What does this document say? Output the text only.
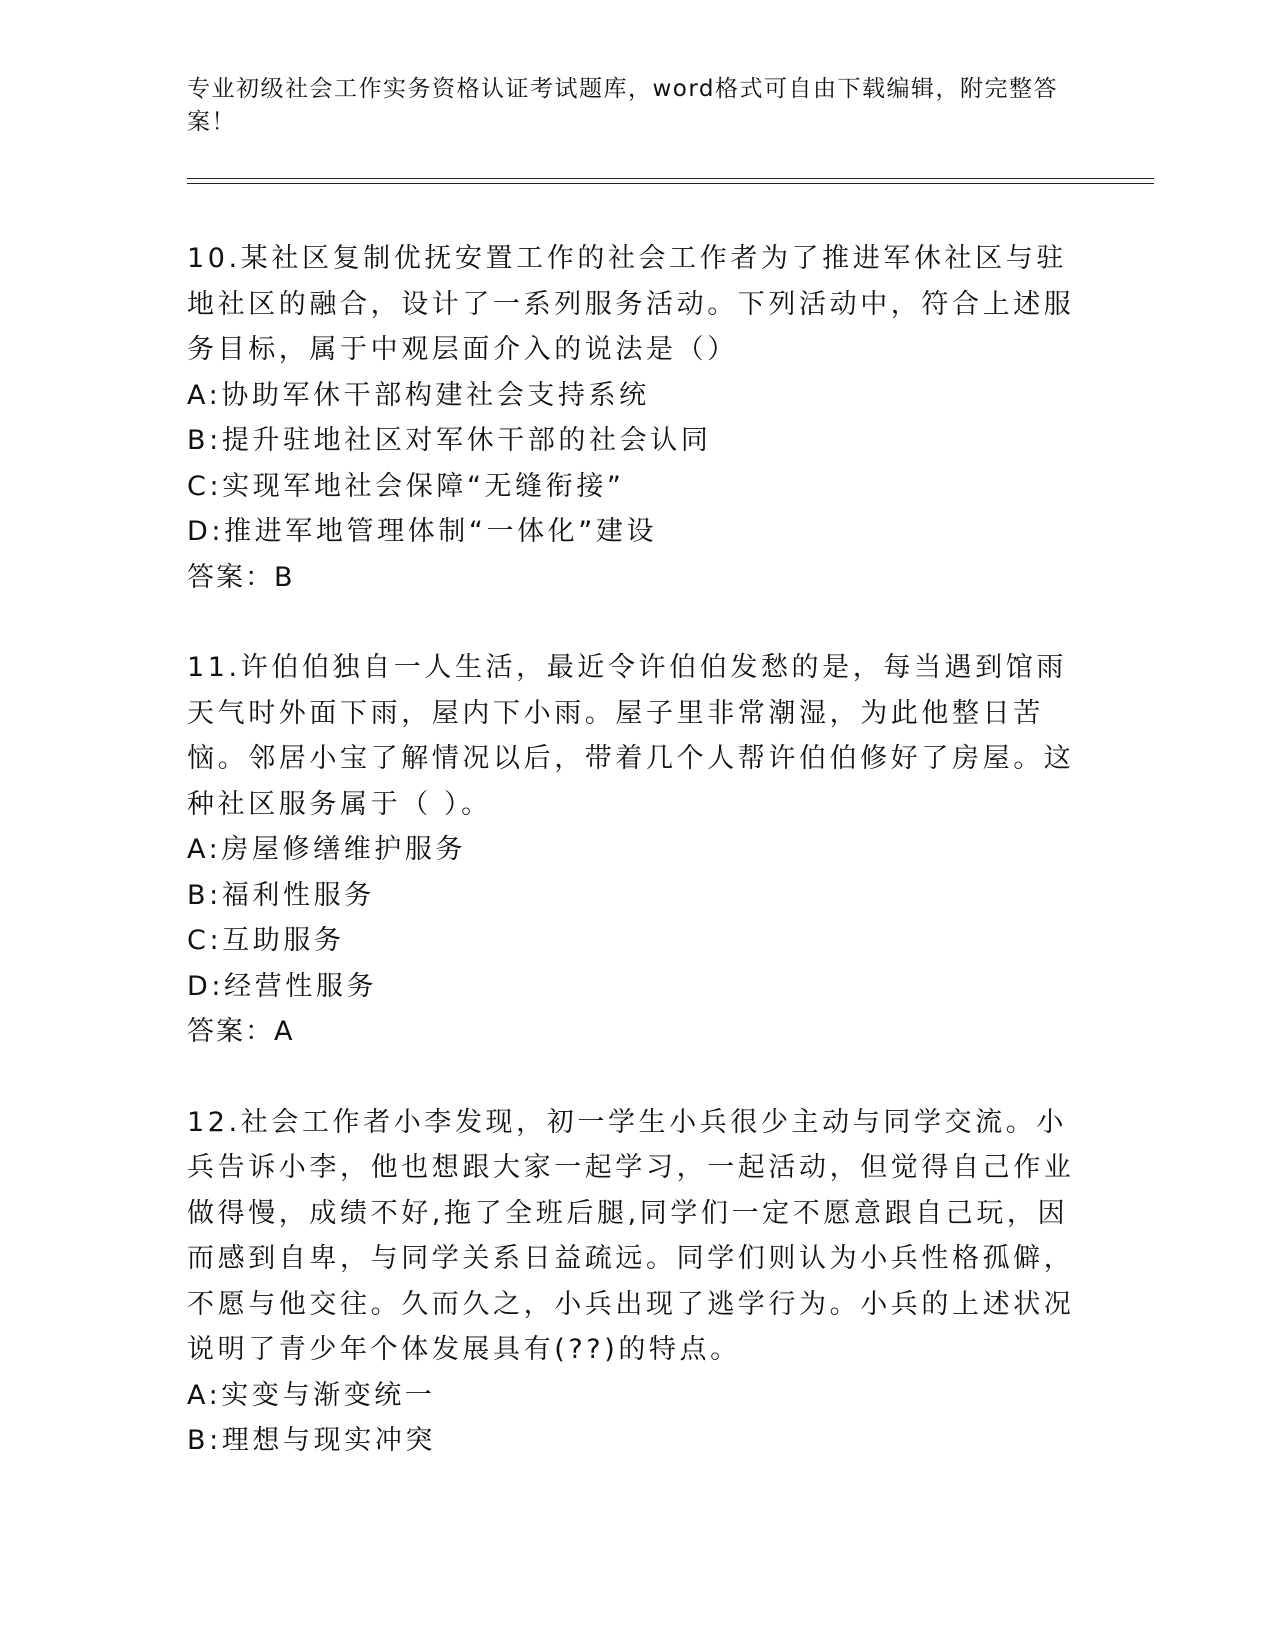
专业初级社会工作实务资格认证考试题库，word格式可自由下载编辑，附完整答案！

10.某社区复制优抚安置工作的社会工作者为了推进军休社区与驻地社区的融合，设计了一系列服务活动。下列活动中，符合上述服务目标，属于中观层面介入的说法是（）

A:协助军休干部构建社会支持系统

B:提升驻地社区对军休干部的社会认同

C:实现军地社会保障“无缝衔接”

D:推进军地管理体制“一体化”建设

答案：B

11.许伯伯独自一人生活，最近令许伯伯发愁的是，每当遇到馆雨天气时外面下雨，屋内下小雨。屋子里非常潮湿，为此他整日苦恼。邻居小宝了解情况以后，带着几个人帮许伯伯修好了房屋。这种社区服务属于（ ）。

A:房屋修缮维护服务

B:福利性服务

C:互助服务

D:经营性服务

答案：A

12.社会工作者小李发现，初一学生小兵很少主动与同学交流。小兵告诉小李，他也想跟大家一起学习，一起活动，但觉得自己作业做得慢，成绩不好,拖了全班后腿,同学们一定不愿意跟自己玩，因而感到自卑，与同学关系日益疏远。同学们则认为小兵性格孤僻，不愿与他交往。久而久之，小兵出现了逃学行为。小兵的上述状况说明了青少年个体发展具有(??)的特点。

A:实变与渐变统一

B:理想与现实冲突
